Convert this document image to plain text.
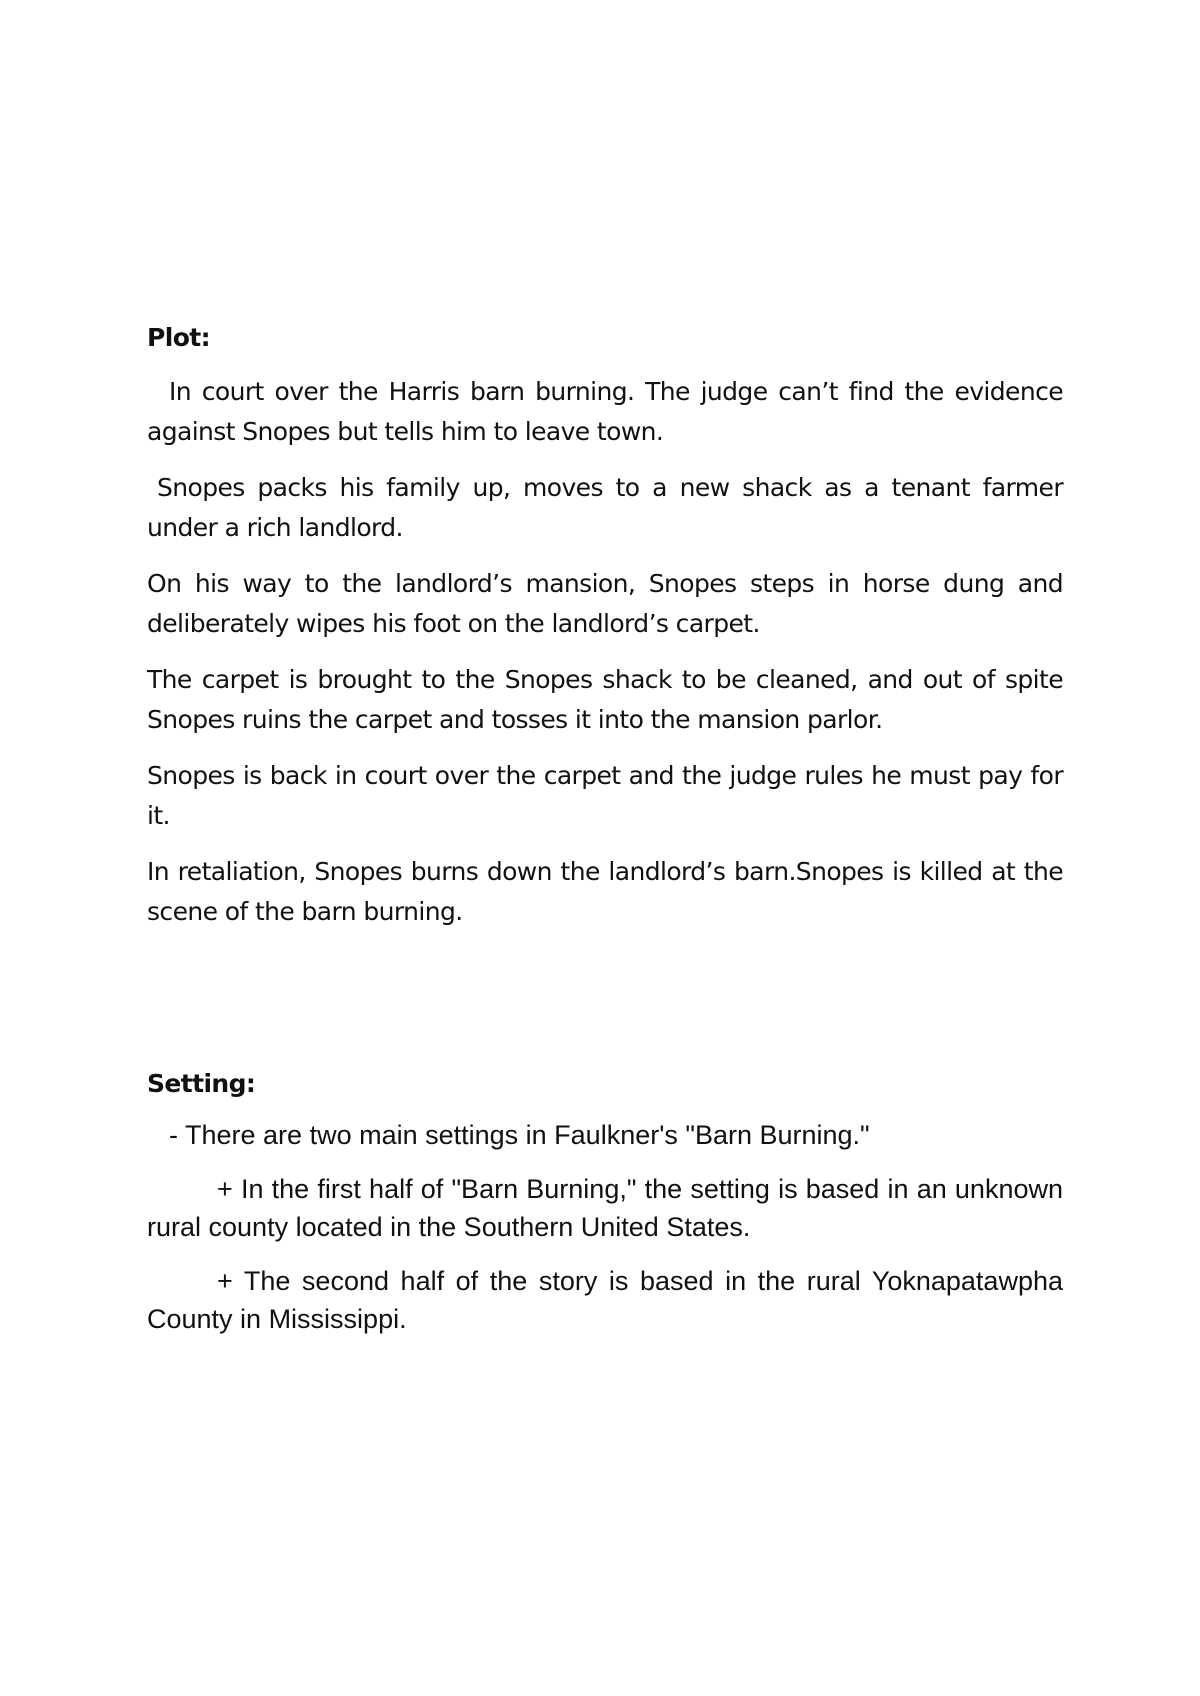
Plot:

In court over the Harris barn burning. The judge can’t find the evidence against Snopes but tells him to leave town.

Snopes packs his family up, moves to a new shack as a tenant farmer under a rich landlord.

On his way to the landlord’s mansion, Snopes steps in horse dung and deliberately wipes his foot on the landlord’s carpet.

The carpet is brought to the Snopes shack to be cleaned, and out of spite Snopes ruins the carpet and tosses it into the mansion parlor.

Snopes is back in court over the carpet and the judge rules he must pay for it.

In retaliation, Snopes burns down the landlord’s barn.Snopes is killed at the scene of the barn burning.

Setting:

- There are two main settings in Faulkner's "Barn Burning."

+ In the first half of "Barn Burning," the setting is based in an unknown rural county located in the Southern United States.

+ The second half of the story is based in the rural Yoknapatawpha County in Mississippi.
